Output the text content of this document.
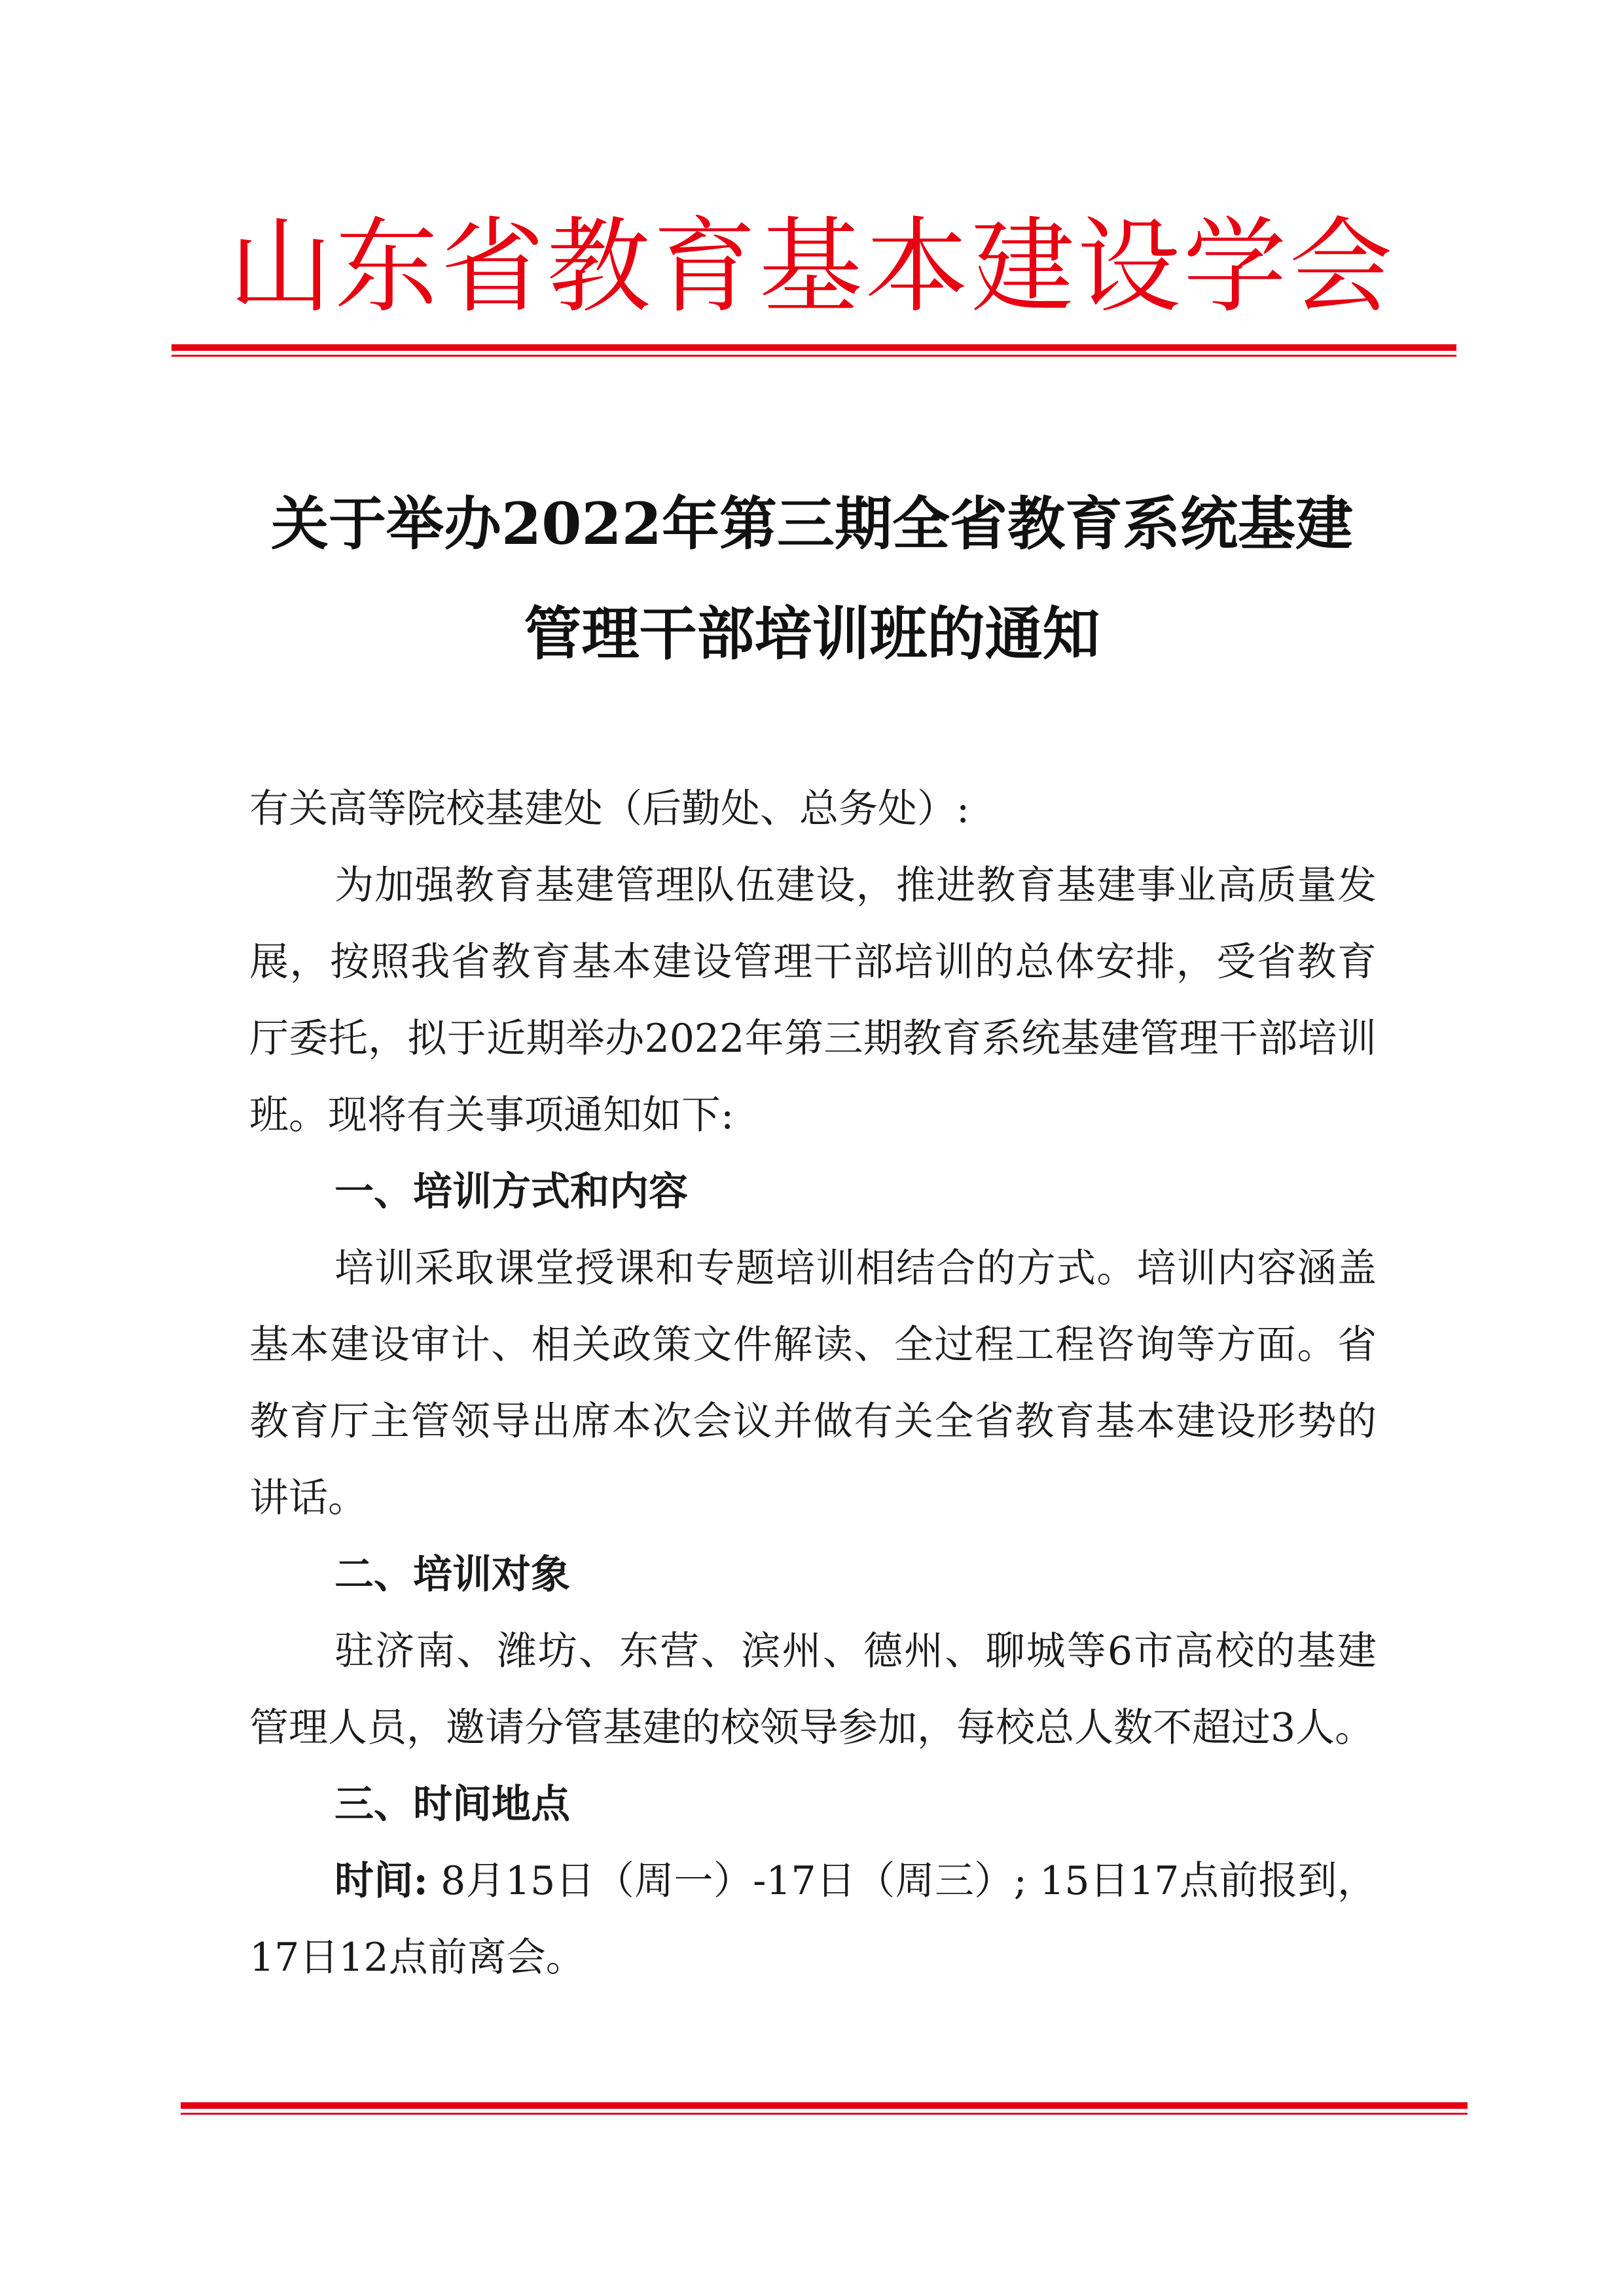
山东省教育基本建设学会
关于举办2022年第三期全省教育系统基建
管理干部培训班的通知

有关高等院校基建处（后勤处、总务处）:

为加强教育基建管理队伍建设，推进教育基建事业高质量发展，按照我省教育基本建设管理干部培训的总体安排，受省教育厅委托，拟于近期举办2022年第三期教育系统基建管理干部培训班。现将有关事项通知如下:

一、培训方式和内容

培训采取课堂授课和专题培训相结合的方式。培训内容涵盖基本建设审计、相关政策文件解读、全过程工程咨询等方面。省教育厅主管领导出席本次会议并做有关全省教育基本建设形势的讲话。

二、培训对象

驻济南、潍坊、东营、滨州、德州、聊城等6市高校的基建管理人员，邀请分管基建的校领导参加，每校总人数不超过3人。

三、时间地点

时间: 8月15日（周一）-17日（周三）; 15日17点前报到，17日12点前离会。
